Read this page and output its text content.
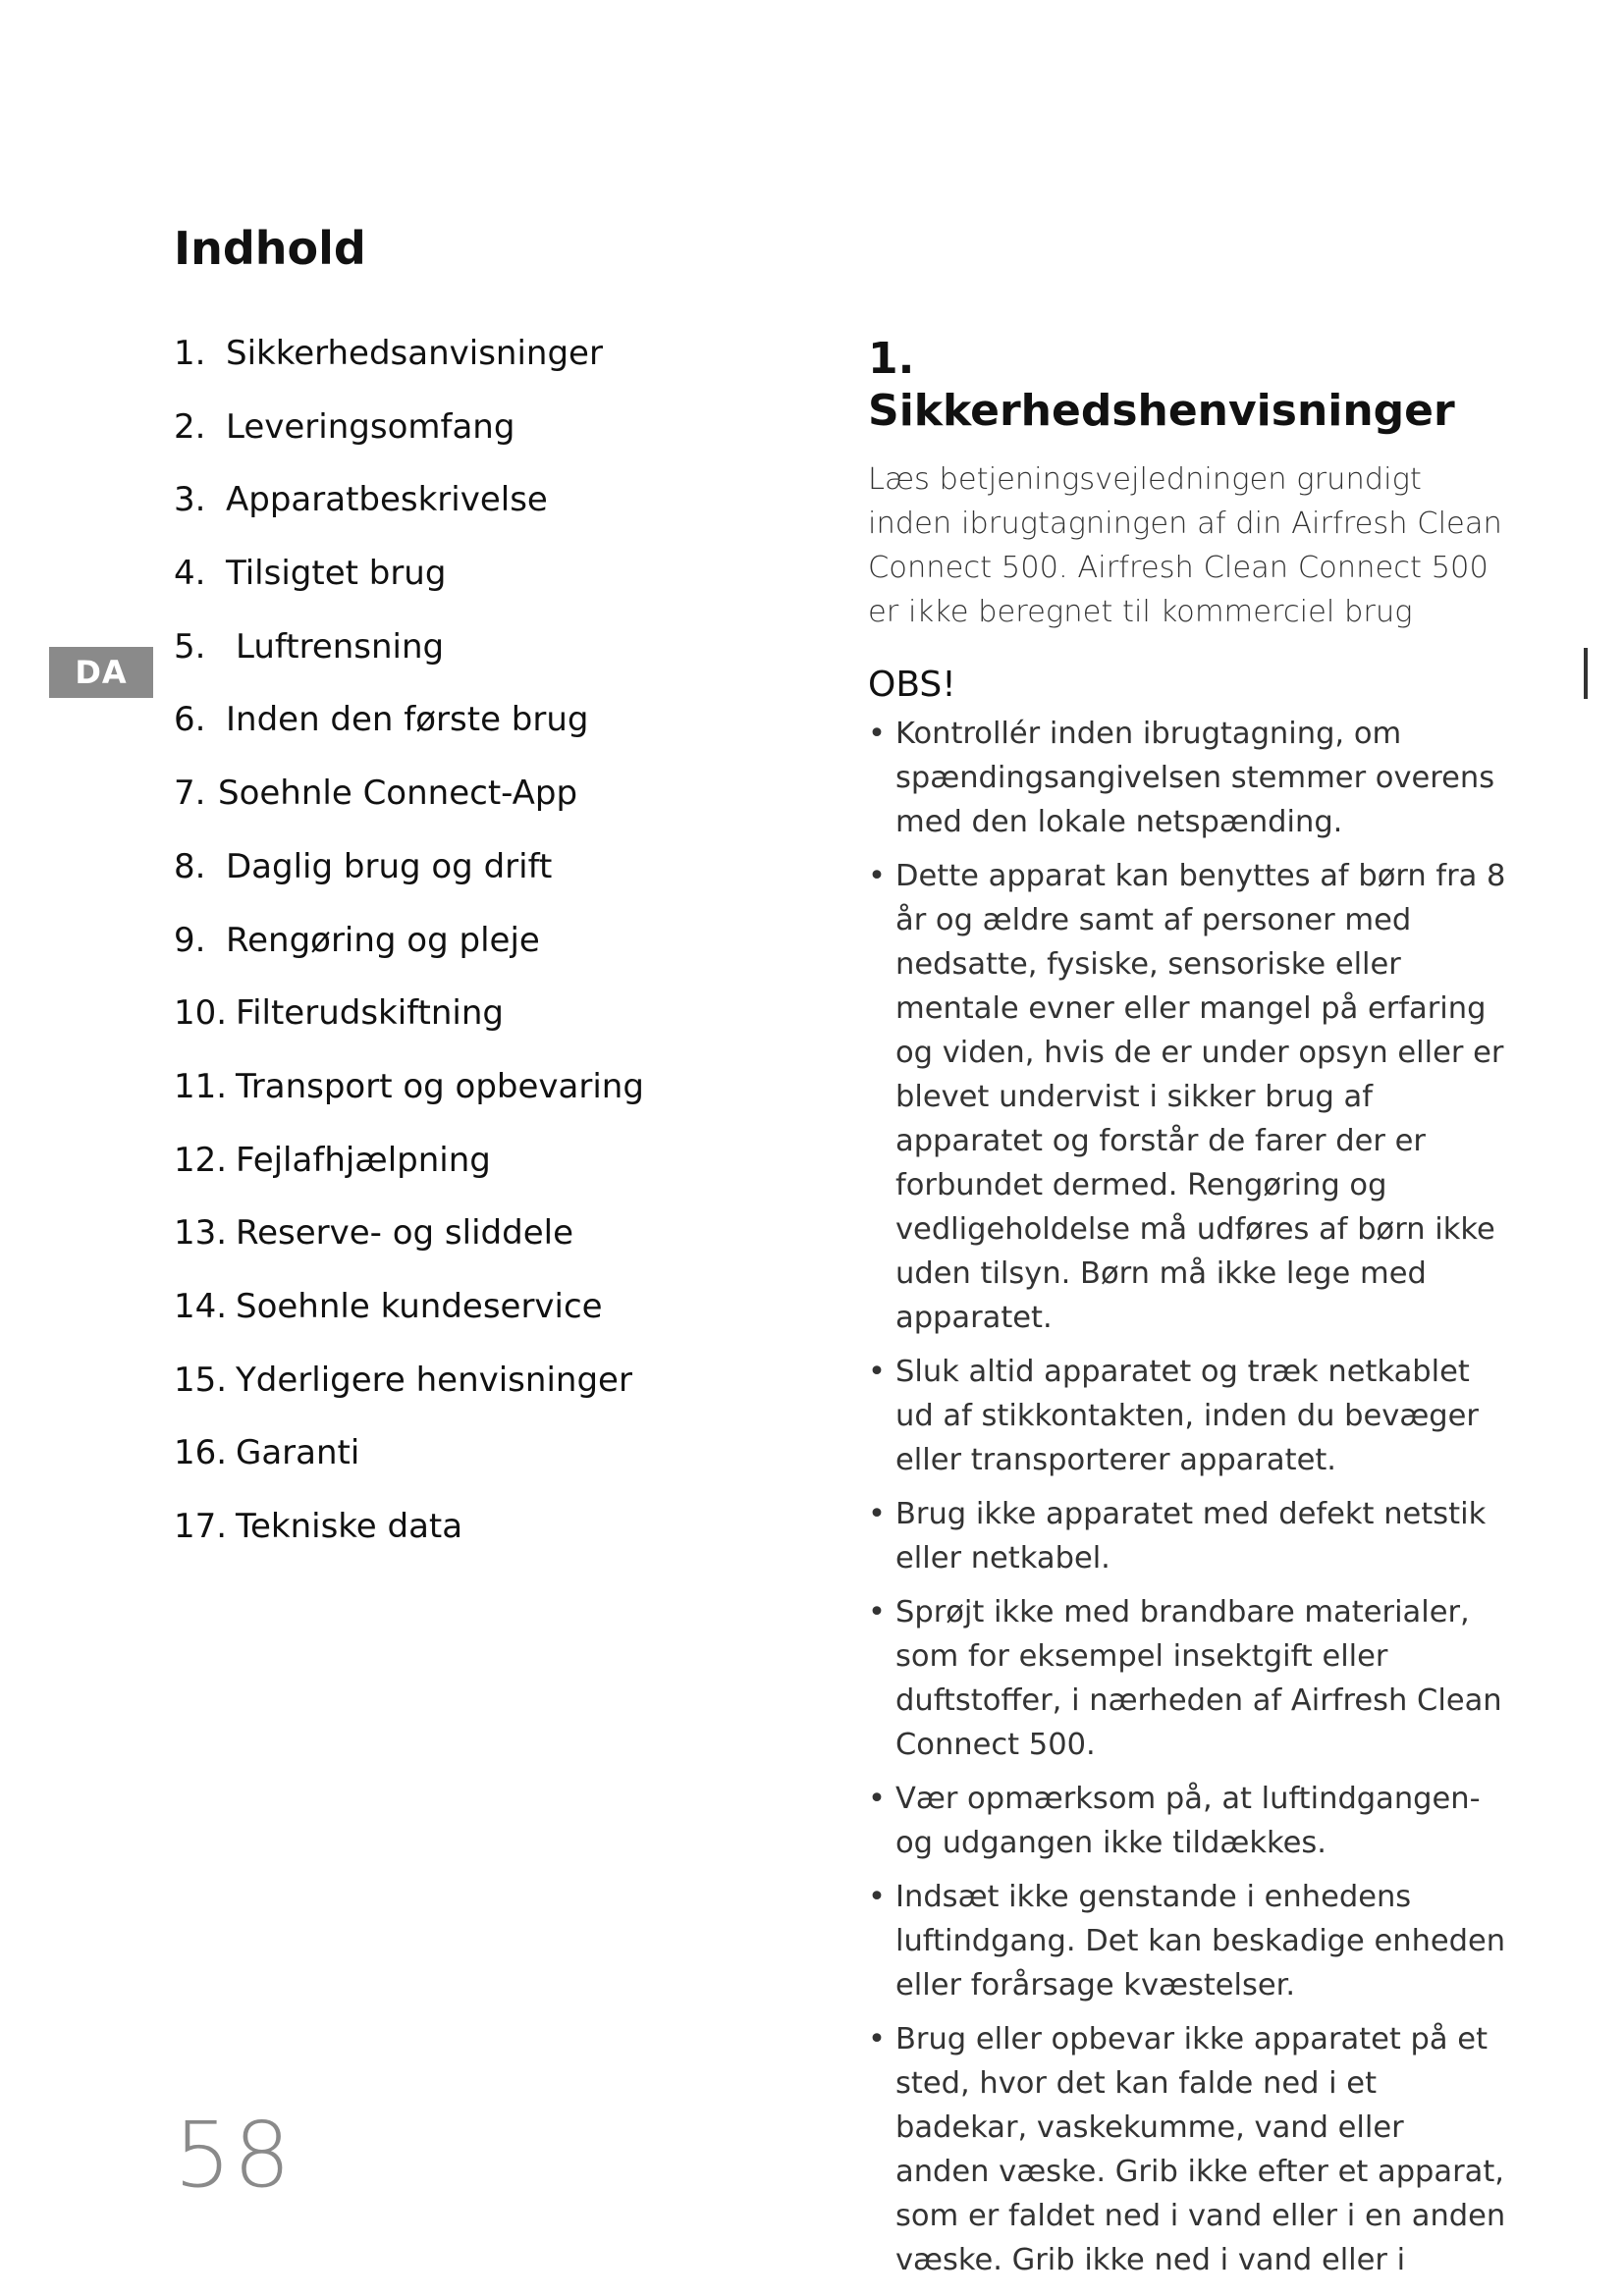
Indhold
1. Sikkerhedsanvisninger
2. Leveringsomfang
3. Apparatbeskrivelse
4. Tilsigtet brug
5. Luftrensning
6. Inden den første brug
7. Soehnle Connect-App
8. Daglig brug og drift
9. Rengøring og pleje
10. Filterudskiftning
11. Transport og opbevaring
12. Fejlafhjælpning
13. Reserve- og sliddele
14. Soehnle kundeservice
15. Yderligere henvisninger
16. Garanti
17. Tekniske data
DA
1. Sikkerhedshenvisninger

Læs betjeningsvejledningen grundigt inden ibrugtagningen af din Airfresh Clean Connect 500. Airfresh Clean Connect 500 er ikke beregnet til kommerciel brug

OBS!
• Kontrollér inden ibrugtagning, om spændingsangivelsen stemmer overens med den lokale netspænding.
• Dette apparat kan benyttes af børn fra 8 år og ældre samt af personer med nedsatte, fysiske, sensoriske eller mentale evner eller mangel på erfaring og viden, hvis de er under opsyn eller er blevet undervist i sikker brug af apparatet og forstår de farer der er forbundet dermed. Rengøring og vedligeholdelse må udføres af børn ikke uden tilsyn. Børn må ikke lege med apparatet.
• Sluk altid apparatet og træk netkablet ud af stikkontakten, inden du bevæger eller transporterer apparatet.
• Brug ikke apparatet med defekt netstik eller netkabel.
• Sprøjt ikke med brandbare materialer, som for eksempel insektgift eller duftstoffer, i nærheden af Airfresh Clean Connect 500.
• Vær opmærksom på, at luftindgangen- og udgangen ikke tildækkes.
• Indsæt ikke genstande i enhedens luftindgang. Det kan beskadige enheden eller forårsage kvæstelser.
• Brug eller opbevar ikke apparatet på et sted, hvor det kan falde ned i et badekar, vaskekumme, vand eller anden væske. Grib ikke efter et apparat, som er faldet ned i vand eller i en anden væske. Grib ikke ned i vand eller i
58
